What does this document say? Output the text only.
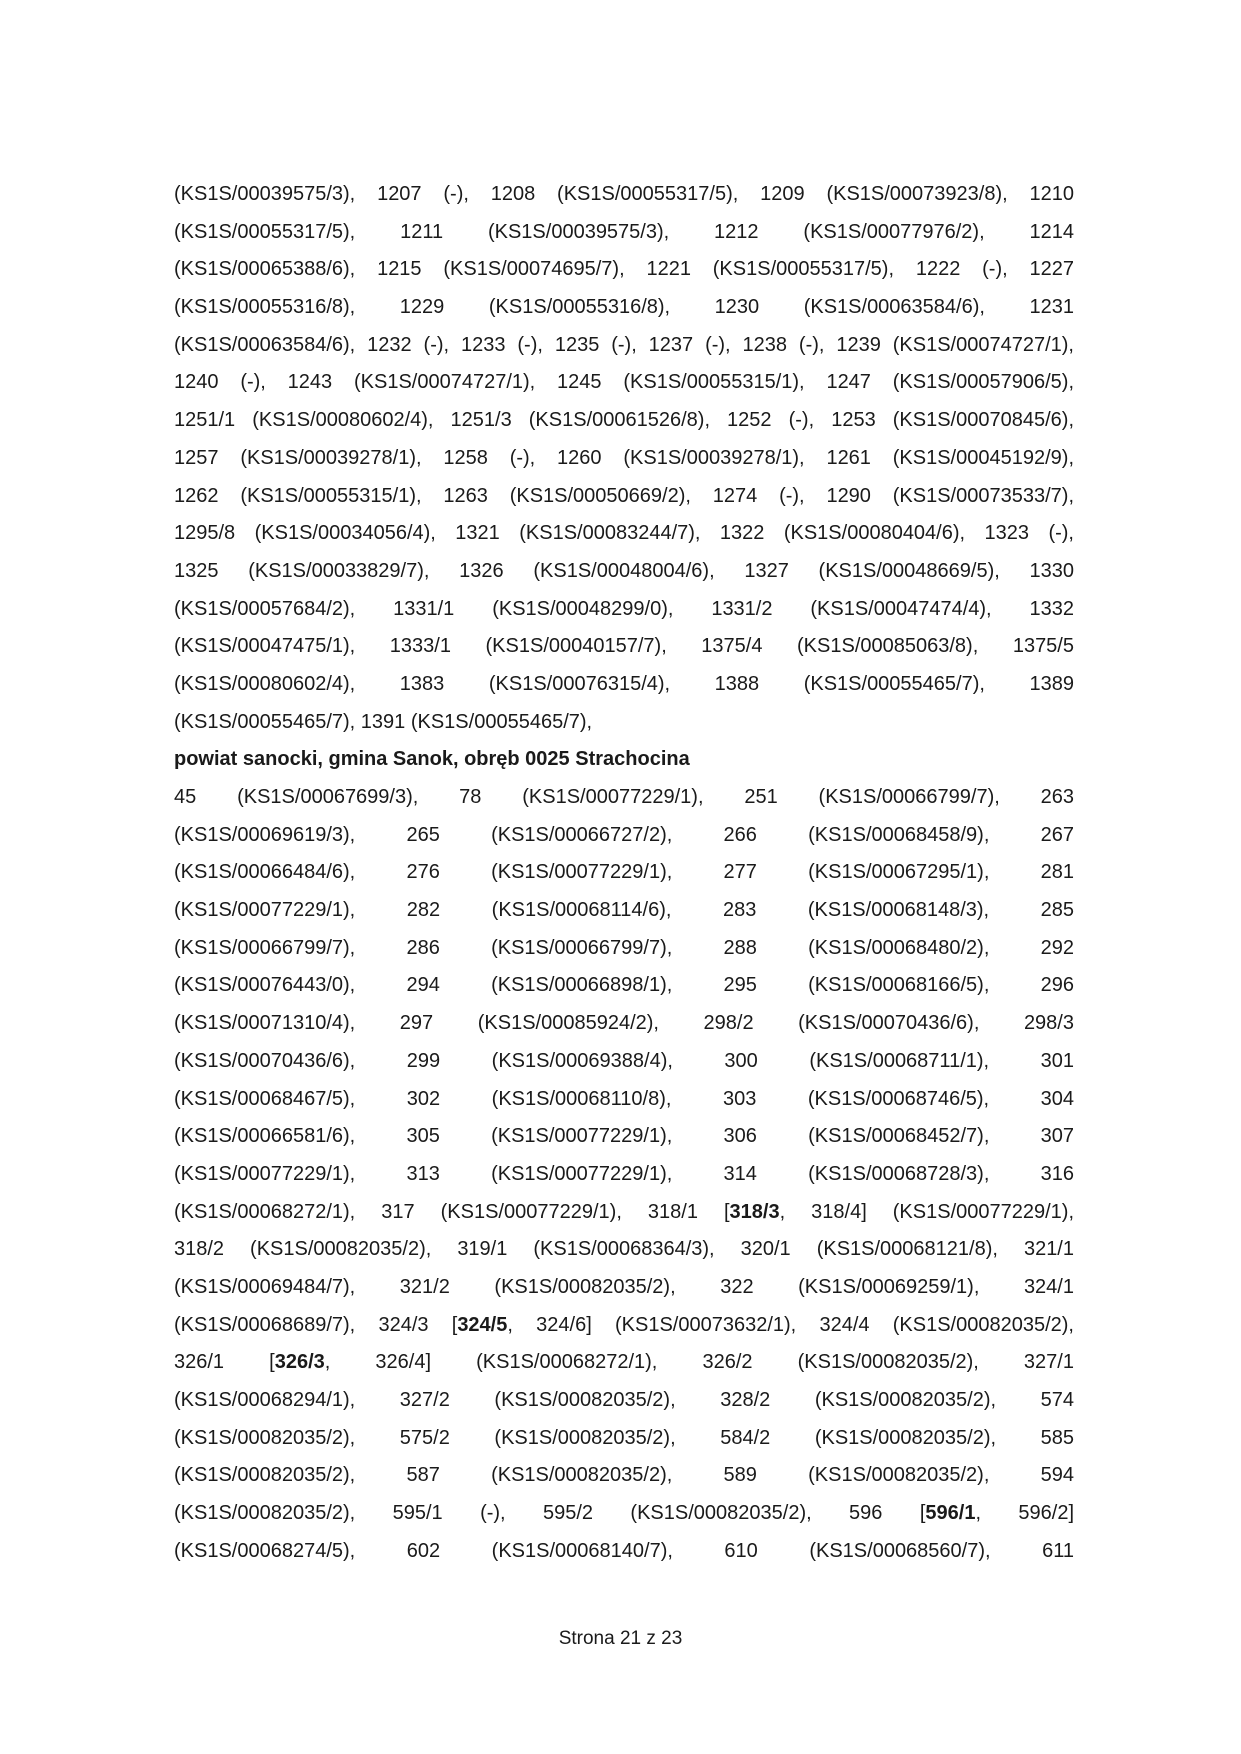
(KS1S/00039575/3), 1207 (-), 1208 (KS1S/00055317/5), 1209 (KS1S/00073923/8), 1210
(KS1S/00055317/5), 1211 (KS1S/00039575/3), 1212 (KS1S/00077976/2), 1214
(KS1S/00065388/6), 1215 (KS1S/00074695/7), 1221 (KS1S/00055317/5), 1222 (-), 1227
(KS1S/00055316/8), 1229 (KS1S/00055316/8), 1230 (KS1S/00063584/6), 1231
(KS1S/00063584/6), 1232 (-), 1233 (-), 1235 (-), 1237 (-), 1238 (-), 1239 (KS1S/00074727/1),
1240 (-), 1243 (KS1S/00074727/1), 1245 (KS1S/00055315/1), 1247 (KS1S/00057906/5),
1251/1 (KS1S/00080602/4), 1251/3 (KS1S/00061526/8), 1252 (-), 1253 (KS1S/00070845/6),
1257 (KS1S/00039278/1), 1258 (-), 1260 (KS1S/00039278/1), 1261 (KS1S/00045192/9),
1262 (KS1S/00055315/1), 1263 (KS1S/00050669/2), 1274 (-), 1290 (KS1S/00073533/7),
1295/8 (KS1S/00034056/4), 1321 (KS1S/00083244/7), 1322 (KS1S/00080404/6), 1323 (-),
1325 (KS1S/00033829/7), 1326 (KS1S/00048004/6), 1327 (KS1S/00048669/5), 1330
(KS1S/00057684/2), 1331/1 (KS1S/00048299/0), 1331/2 (KS1S/00047474/4), 1332
(KS1S/00047475/1), 1333/1 (KS1S/00040157/7), 1375/4 (KS1S/00085063/8), 1375/5
(KS1S/00080602/4), 1383 (KS1S/00076315/4), 1388 (KS1S/00055465/7), 1389
(KS1S/00055465/7), 1391 (KS1S/00055465/7),
powiat sanocki, gmina Sanok, obręb 0025 Strachocina
45 (KS1S/00067699/3), 78 (KS1S/00077229/1), 251 (KS1S/00066799/7), 263
(KS1S/00069619/3), 265 (KS1S/00066727/2), 266 (KS1S/00068458/9), 267
(KS1S/00066484/6), 276 (KS1S/00077229/1), 277 (KS1S/00067295/1), 281
(KS1S/00077229/1), 282 (KS1S/00068114/6), 283 (KS1S/00068148/3), 285
(KS1S/00066799/7), 286 (KS1S/00066799/7), 288 (KS1S/00068480/2), 292
(KS1S/00076443/0), 294 (KS1S/00066898/1), 295 (KS1S/00068166/5), 296
(KS1S/00071310/4), 297 (KS1S/00085924/2), 298/2 (KS1S/00070436/6), 298/3
(KS1S/00070436/6), 299 (KS1S/00069388/4), 300 (KS1S/00068711/1), 301
(KS1S/00068467/5), 302 (KS1S/00068110/8), 303 (KS1S/00068746/5), 304
(KS1S/00066581/6), 305 (KS1S/00077229/1), 306 (KS1S/00068452/7), 307
(KS1S/00077229/1), 313 (KS1S/00077229/1), 314 (KS1S/00068728/3), 316
(KS1S/00068272/1), 317 (KS1S/00077229/1), 318/1 [318/3, 318/4] (KS1S/00077229/1),
318/2 (KS1S/00082035/2), 319/1 (KS1S/00068364/3), 320/1 (KS1S/00068121/8), 321/1
(KS1S/00069484/7), 321/2 (KS1S/00082035/2), 322 (KS1S/00069259/1), 324/1
(KS1S/00068689/7), 324/3 [324/5, 324/6] (KS1S/00073632/1), 324/4 (KS1S/00082035/2),
326/1 [326/3, 326/4] (KS1S/00068272/1), 326/2 (KS1S/00082035/2), 327/1
(KS1S/00068294/1), 327/2 (KS1S/00082035/2), 328/2 (KS1S/00082035/2), 574
(KS1S/00082035/2), 575/2 (KS1S/00082035/2), 584/2 (KS1S/00082035/2), 585
(KS1S/00082035/2), 587 (KS1S/00082035/2), 589 (KS1S/00082035/2), 594
(KS1S/00082035/2), 595/1 (-), 595/2 (KS1S/00082035/2), 596 [596/1, 596/2]
(KS1S/00068274/5), 602 (KS1S/00068140/7), 610 (KS1S/00068560/7), 611
Strona 21 z 23
